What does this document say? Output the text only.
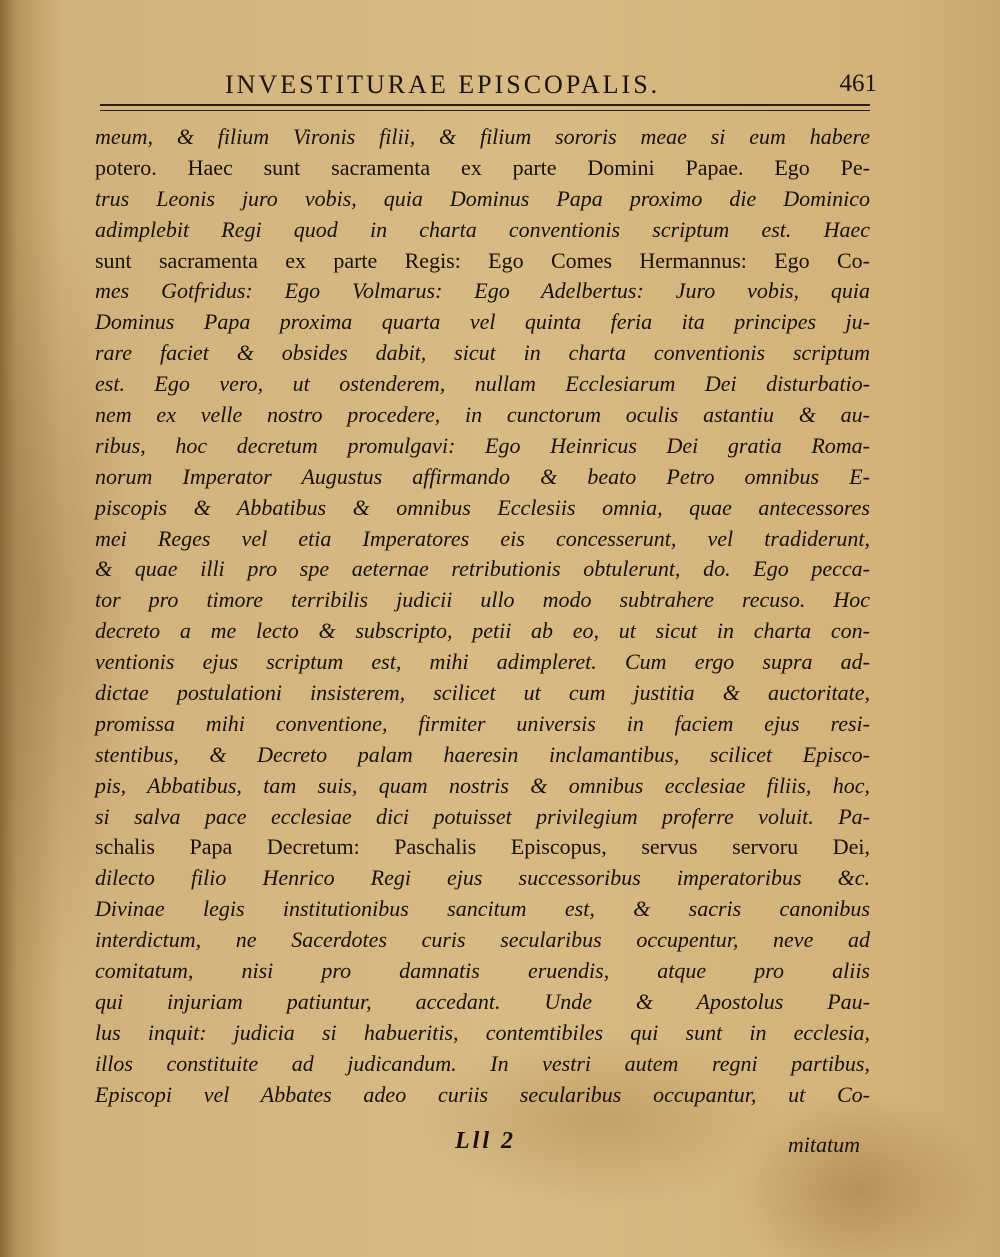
INVESTITURAE EPISCOPALIS.	461
meum, & filium Vironis filii, & filium sororis meae si eum habere
potero. Haec sunt sacramenta ex parte Domini Papae. Ego Pe-
trus Leonis juro vobis, quia Dominus Papa proximo die Dominico
adimplebit Regi quod in charta conventionis scriptum est. Haec
sunt sacramenta ex parte Regis: Ego Comes Hermannus: Ego Co-
mes Gotfridus: Ego Volmarus: Ego Adelbertus: Juro vobis, quia
Dominus Papa proxima quarta vel quinta feria ita principes ju-
rare faciet & obsides dabit, sicut in charta conventionis scriptum
est. Ego vero, ut ostenderem, nullam Ecclesiarum Dei disturbatio-
nem ex velle nostro procedere, in cunctorum oculis astantiu & au-
ribus, hoc decretum promulgavi: Ego Heinricus Dei gratia Roma-
norum Imperator Augustus affirmando & beato Petro omnibus E-
piscopis & Abbatibus & omnibus Ecclesiis omnia, quae antecessores
mei Reges vel etia Imperatores eis concesserunt, vel tradiderunt,
& quae illi pro spe aeternae retributionis obtulerunt, do. Ego pecca-
tor pro timore terribilis judicii ullo modo subtrahere recuso. Hoc
decreto a me lecto & subscripto, petii ab eo, ut sicut in charta con-
ventionis ejus scriptum est, mihi adimpleret. Cum ergo supra ad-
dictae postulationi insisterem, scilicet ut cum justitia & auctoritate,
promissa mihi conventione, firmiter universis in faciem ejus resi-
stentibus, & Decreto palam haeresin inclamantibus, scilicet Episco-
pis, Abbatibus, tam suis, quam nostris & omnibus ecclesiae filiis, hoc,
si salva pace ecclesiae dici potuisset privilegium proferre voluit. Pa-
schalis Papa Decretum: Paschalis Episcopus, servus servoru Dei,
dilecto filio Henrico Regi ejus successoribus imperatoribus &c.
Divinae legis institutionibus sancitum est, & sacris canonibus
interdictum, ne Sacerdotes curis secularibus occupentur, neve ad
comitatum, nisi pro damnatis eruendis, atque pro aliis
qui injuriam patiuntur, accedant. Unde & Apostolus Pau-
lus inquit: judicia si habueritis, contemtibiles qui sunt in ecclesia,
illos constituite ad judicandum. In vestri autem regni partibus,
Episcopi vel Abbates adeo curiis secularibus occupantur, ut Co-
Lll 2	mitatum
